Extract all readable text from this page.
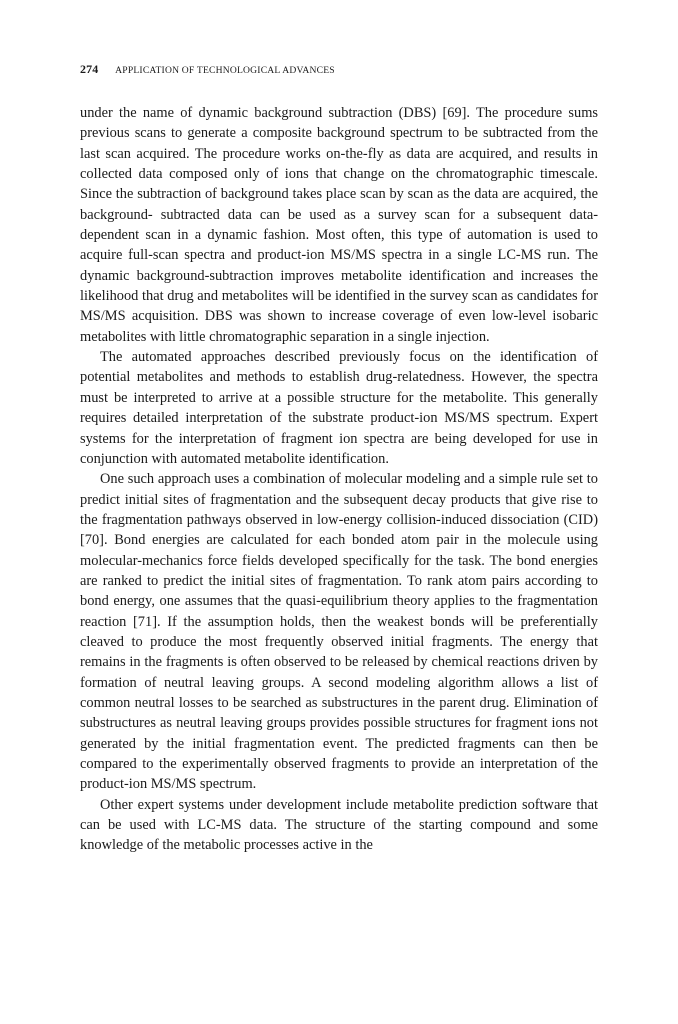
274 APPLICATION OF TECHNOLOGICAL ADVANCES

under the name of dynamic background subtraction (DBS) [69]. The procedure sums previous scans to generate a composite background spectrum to be subtracted from the last scan acquired. The procedure works on-the-fly as data are acquired, and results in collected data composed only of ions that change on the chromatographic timescale. Since the subtraction of background takes place scan by scan as the data are acquired, the background- subtracted data can be used as a survey scan for a subsequent data-dependent scan in a dynamic fashion. Most often, this type of automation is used to acquire full-scan spectra and product-ion MS/MS spectra in a single LC-MS run. The dynamic background-subtraction improves metabolite identification and increases the likelihood that drug and metabolites will be identified in the survey scan as candidates for MS/MS acquisition. DBS was shown to increase coverage of even low-level isobaric metabolites with little chromatographic separation in a single injection.

The automated approaches described previously focus on the identification of potential metabolites and methods to establish drug-relatedness. However, the spectra must be interpreted to arrive at a possible structure for the metabolite. This generally requires detailed interpretation of the substrate product-ion MS/MS spectrum. Expert systems for the interpretation of fragment ion spectra are being developed for use in conjunction with automated metabolite identification.

One such approach uses a combination of molecular modeling and a simple rule set to predict initial sites of fragmentation and the subsequent decay products that give rise to the fragmentation pathways observed in low-energy collision-induced dissociation (CID) [70]. Bond energies are calculated for each bonded atom pair in the molecule using molecular-mechanics force fields developed specifically for the task. The bond energies are ranked to predict the initial sites of fragmentation. To rank atom pairs according to bond energy, one assumes that the quasi-equilibrium theory applies to the fragmentation reaction [71]. If the assumption holds, then the weakest bonds will be preferentially cleaved to produce the most frequently observed initial fragments. The energy that remains in the fragments is often observed to be released by chemical reactions driven by formation of neutral leaving groups. A second modeling algorithm allows a list of common neutral losses to be searched as substructures in the parent drug. Elimination of substructures as neutral leaving groups provides possible structures for fragment ions not generated by the initial fragmentation event. The predicted fragments can then be compared to the experimentally observed fragments to provide an interpretation of the product-ion MS/MS spectrum.

Other expert systems under development include metabolite prediction software that can be used with LC-MS data. The structure of the starting compound and some knowledge of the metabolic processes active in the
